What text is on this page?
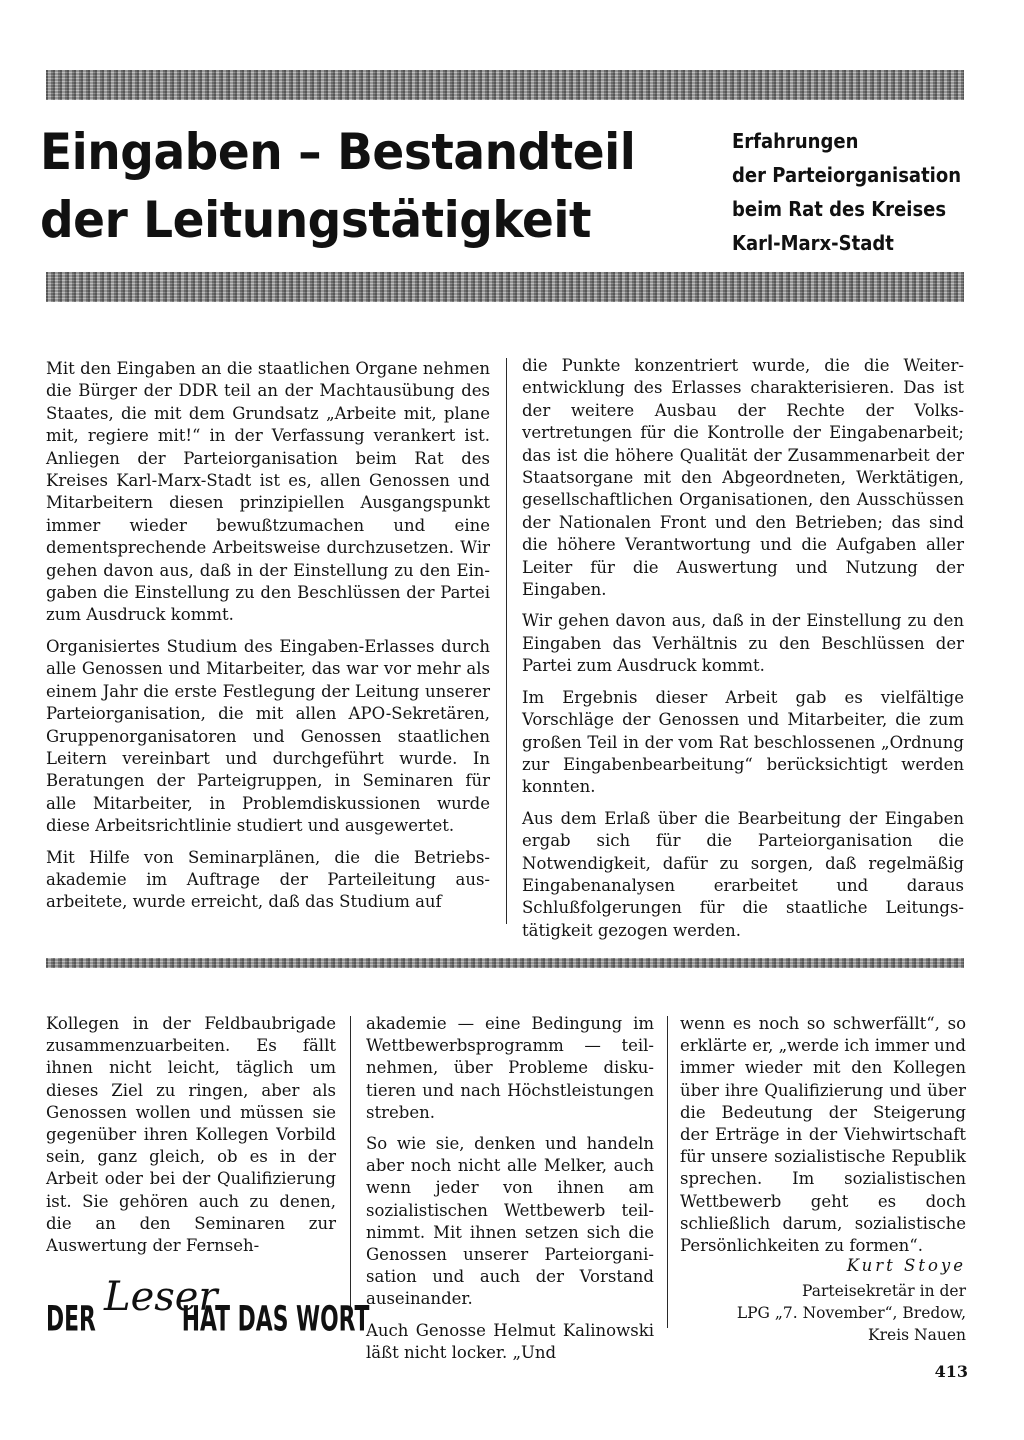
Eingaben – Bestandteil
der Leitungstätigkeit
Erfahrungen
der Parteiorganisation
beim Rat des Kreises
Karl-Marx-Stadt

Mit den Eingaben an die staatlichen Organe nehmen die Bürger der DDR teil an der Machtausübung des Staates, die mit dem Grundsatz „Arbeite mit, plane mit, regiere mit!“ in der Verfassung verankert ist. Anliegen der Parteiorganisation beim Rat des Kreises Karl-Marx-Stadt ist es, allen Genossen und Mitarbeitern diesen prinzipiellen Ausgangspunkt immer wieder bewußtzumachen und eine dementsprechende Arbeitsweise durchzusetzen. Wir gehen davon aus, daß in der Einstellung zu den Eingaben die Einstellung zu den Beschlüssen der Partei zum Ausdruck kommt.

Organisiertes Studium des Eingaben-Erlasses durch alle Genossen und Mitarbeiter, das war vor mehr als einem Jahr die erste Festlegung der Leitung unserer Parteiorganisation, die mit allen APO-Sekretären, Gruppenorganisatoren und Genossen staatlichen Leitern vereinbart und durchgeführt wurde. In Beratungen der Parteigruppen, in Seminaren für alle Mitarbeiter, in Problemdiskussionen wurde diese Arbeitsrichtlinie studiert und ausgewertet.

Mit Hilfe von Seminarplänen, die die Betriebsakademie im Auftrage der Parteileitung ausarbeitete, wurde erreicht, daß das Studium auf

die Punkte konzentriert wurde, die die Weiterentwicklung des Erlasses charakterisieren. Das ist der weitere Ausbau der Rechte der Volksvertretungen für die Kontrolle der Eingabenarbeit; das ist die höhere Qualität der Zusammenarbeit der Staatsorgane mit den Abgeordneten, Werktätigen, gesellschaftlichen Organisationen, den Ausschüssen der Nationalen Front und den Betrieben; das sind die höhere Verantwortung und die Aufgaben aller Leiter für die Auswertung und Nutzung der Eingaben.

Wir gehen davon aus, daß in der Einstellung zu den Eingaben das Verhältnis zu den Beschlüssen der Partei zum Ausdruck kommt.

Im Ergebnis dieser Arbeit gab es vielfältige Vorschläge der Genossen und Mitarbeiter, die zum großen Teil in der vom Rat beschlossenen „Ordnung zur Eingabenbearbeitung“ berücksichtigt werden konnten.

Aus dem Erlaß über die Bearbeitung der Eingaben ergab sich für die Parteiorganisation die Notwendigkeit, dafür zu sorgen, daß regelmäßig Eingabenanalysen erarbeitet und daraus Schlußfolgerungen für die staatliche Leitungstätigkeit gezogen werden.

Kollegen in der Feldbaubrigade zusammenzuarbeiten. Es fällt ihnen nicht leicht, täglich um dieses Ziel zu ringen, aber als Genossen wollen und müssen sie gegenüber ihren Kollegen Vorbild sein, ganz gleich, ob es in der Arbeit oder bei der Qualifizierung ist. Sie gehören auch zu denen, die an den Seminaren zur Auswertung der Fernseh-

akademie — eine Bedingung im Wettbewerbsprogramm — teilnehmen, über Probleme diskutieren und nach Höchstleistungen streben.

So wie sie, denken und handeln aber noch nicht alle Melker, auch wenn jeder von ihnen am sozialistischen Wettbewerb teilnimmt. Mit ihnen setzen sich die Genossen unserer Parteiorganisation und auch der Vorstand auseinander.

Auch Genosse Helmut Kalinowski läßt nicht locker. „Und

wenn es noch so schwerfällt“, so erklärte er, „werde ich immer und immer wieder mit den Kollegen über ihre Qualifizierung und über die Bedeutung der Steigerung der Erträge in der Viehwirtschaft für unsere sozialistische Republik sprechen. Im sozialistischen Wettbewerb geht es doch schließlich darum, sozialistische Persönlichkeiten zu formen“.

DER Leser
HAT DAS WORT
Kurt Stoye
Parteisekretär in der
LPG „7. November“, Bredow,
Kreis Nauen
413
